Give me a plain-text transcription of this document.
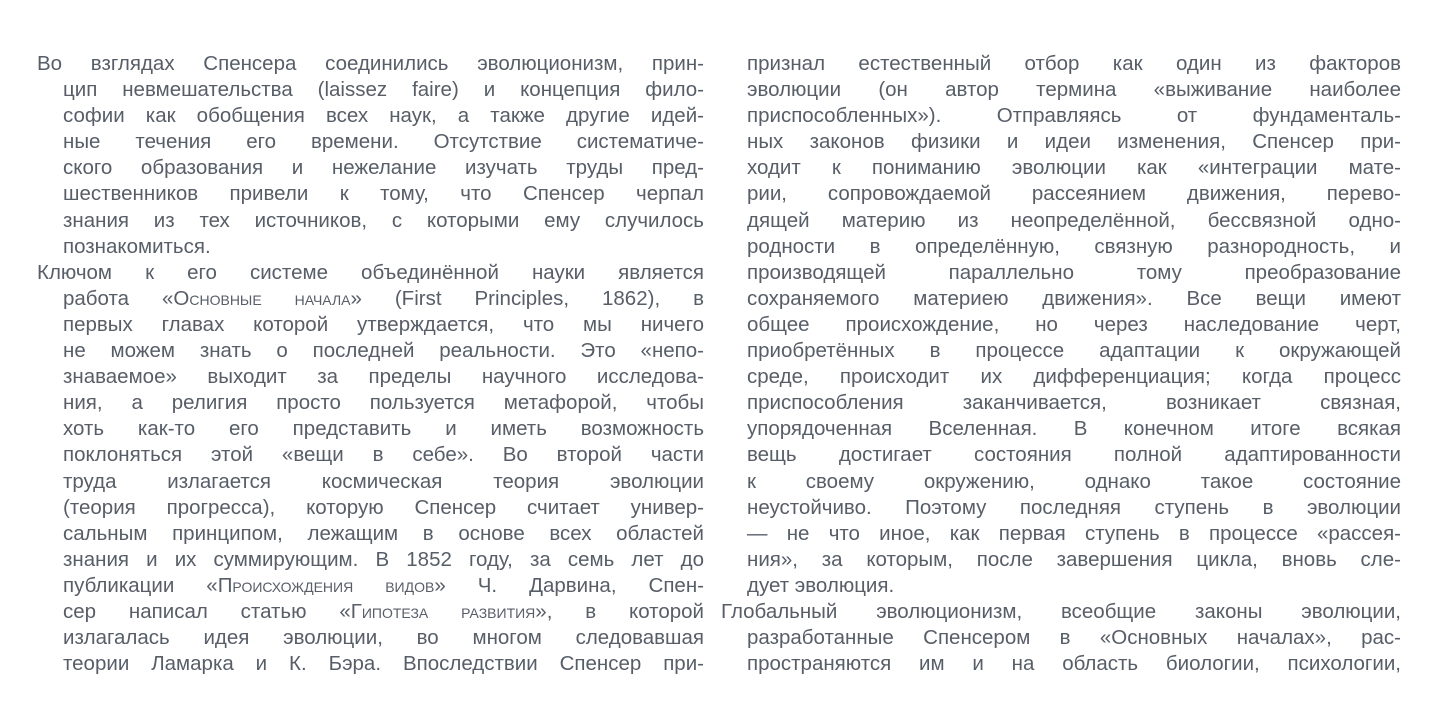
Во взглядах Спенсера соединились эволюционизм, прин-
цип невмешательства (laissez faire) и концепция фило-
софии как обобщения всех наук, а также другие идей-
ные течения его времени. Отсутствие систематиче-
ского образования и нежелание изучать труды пред-
шественников привели к тому, что Спенсер черпал
знания из тех источников, с которыми ему случилось
познакомиться.
Ключом к его системе объединённой науки является
работа «Основные начала» (First Principles, 1862), в
первых главах которой утверждается, что мы ничего
не можем знать о последней реальности. Это «непо-
знаваемое» выходит за пределы научного исследова-
ния, а религия просто пользуется метафорой, чтобы
хоть как-то его представить и иметь возможность
поклоняться этой «вещи в себе». Во второй части
труда излагается космическая теория эволюции
(теория прогресса), которую Спенсер считает универ-
сальным принципом, лежащим в основе всех областей
знания и их суммирующим. В 1852 году, за семь лет до
публикации «Происхождения видов» Ч. Дарвина, Спен-
сер написал статью «Гипотеза развития», в которой
излагалась идея эволюции, во многом следовавшая
теории Ламарка и К. Бэра. Впоследствии Спенсер при-
признал естественный отбор как один из факторов
эволюции (он автор термина «выживание наиболее
приспособленных»). Отправляясь от фундаменталь-
ных законов физики и идеи изменения, Спенсер при-
ходит к пониманию эволюции как «интеграции мате-
рии, сопровождаемой рассеянием движения, перево-
дящей материю из неопределённой, бессвязной одно-
родности в определённую, связную разнородность, и
производящей параллельно тому преобразование
сохраняемого материею движения». Все вещи имеют
общее происхождение, но через наследование черт,
приобретённых в процессе адаптации к окружающей
среде, происходит их дифференциация; когда процесс
приспособления заканчивается, возникает связная,
упорядоченная Вселенная. В конечном итоге всякая
вещь достигает состояния полной адаптированности
к своему окружению, однако такое состояние
неустойчиво. Поэтому последняя ступень в эволюции
— не что иное, как первая ступень в процессе «рассея-
ния», за которым, после завершения цикла, вновь сле-
дует эволюция.
Глобальный эволюционизм, всеобщие законы эволюции,
разработанные Спенсером в «Основных началах», рас-
пространяются им и на область биологии, психологии,
